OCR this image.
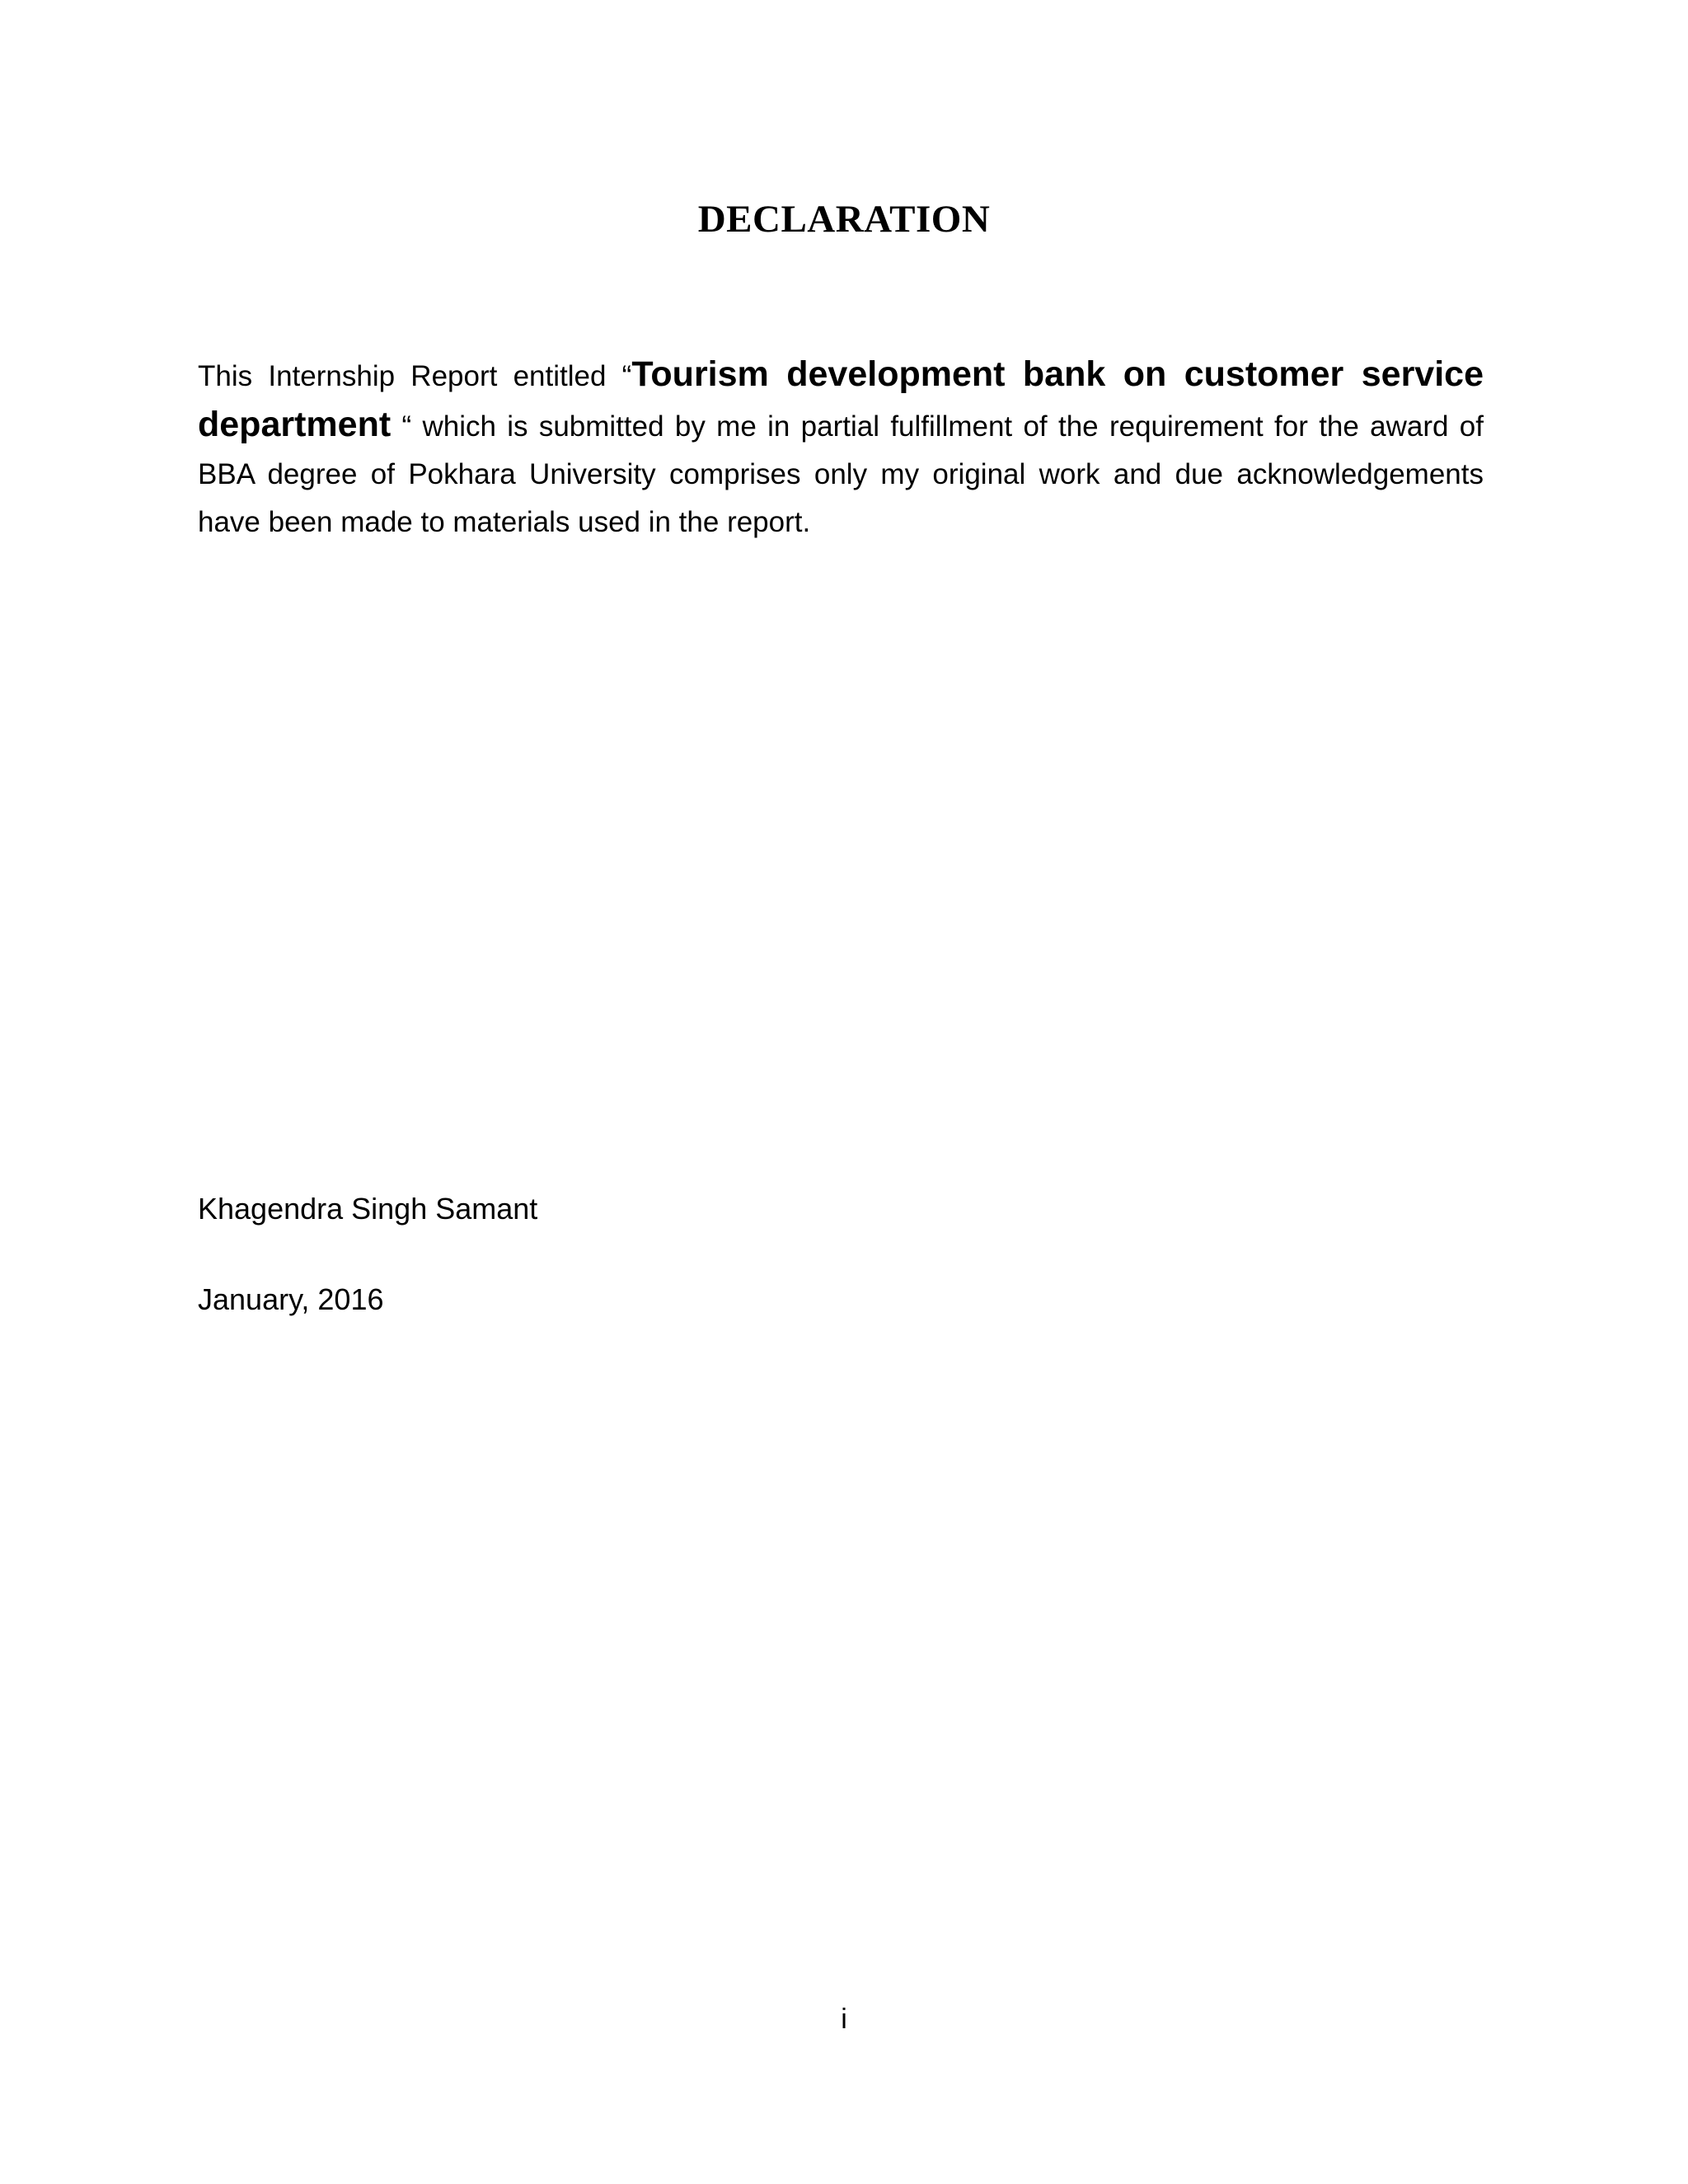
DECLARATION

This Internship Report entitled “Tourism development bank on customer service department “ which is submitted by me in partial fulfillment of the requirement for the award of BBA degree of Pokhara University comprises only my original work and due acknowledgements have been made to materials used in the report.

Khagendra Singh Samant

January, 2016

i
